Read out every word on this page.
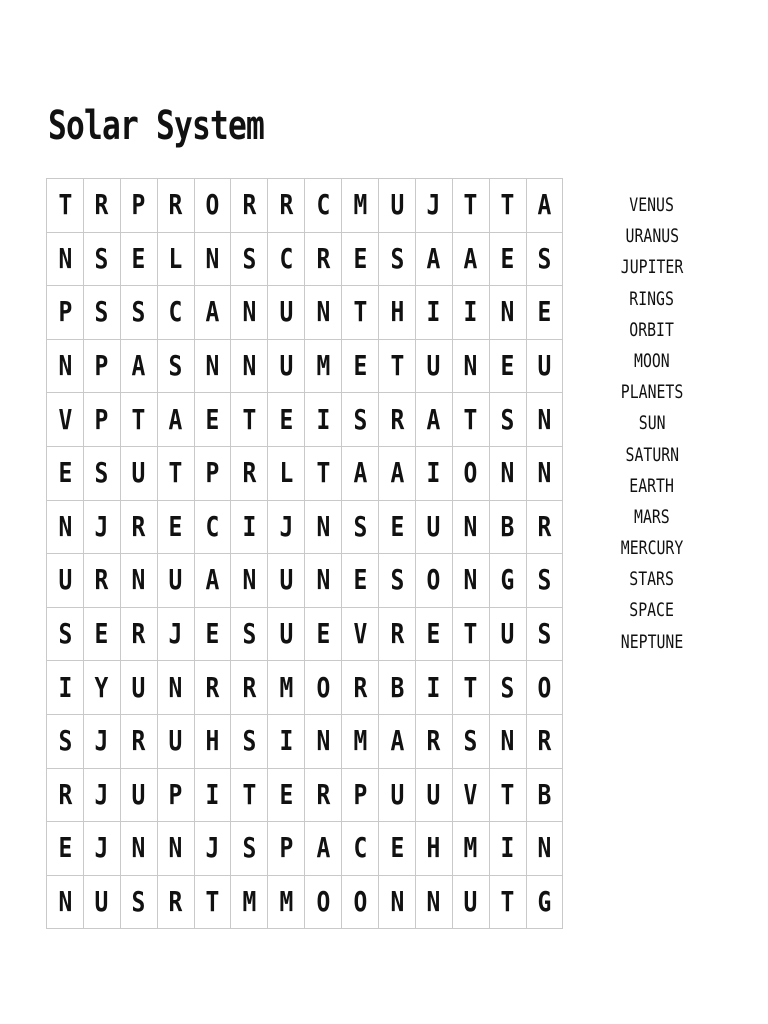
Solar System
T	R	P	R	O	R	R	C	M	U	J	T	T	A
N	S	E	L	N	S	C	R	E	S	A	A	E	S
P	S	S	C	A	N	U	N	T	H	I	I	N	E
N	P	A	S	N	N	U	M	E	T	U	N	E	U
V	P	T	A	E	T	E	I	S	R	A	T	S	N
E	S	U	T	P	R	L	T	A	A	I	O	N	N
N	J	R	E	C	I	J	N	S	E	U	N	B	R
U	R	N	U	A	N	U	N	E	S	O	N	G	S
S	E	R	J	E	S	U	E	V	R	E	T	U	S
I	Y	U	N	R	R	M	O	R	B	I	T	S	O
S	J	R	U	H	S	I	N	M	A	R	S	N	R
R	J	U	P	I	T	E	R	P	U	U	V	T	B
E	J	N	N	J	S	P	A	C	E	H	M	I	N
N	U	S	R	T	M	M	O	O	N	N	U	T	G
VENUS
URANUS
JUPITER
RINGS
ORBIT
MOON
PLANETS
SUN
SATURN
EARTH
MARS
MERCURY
STARS
SPACE
NEPTUNE
